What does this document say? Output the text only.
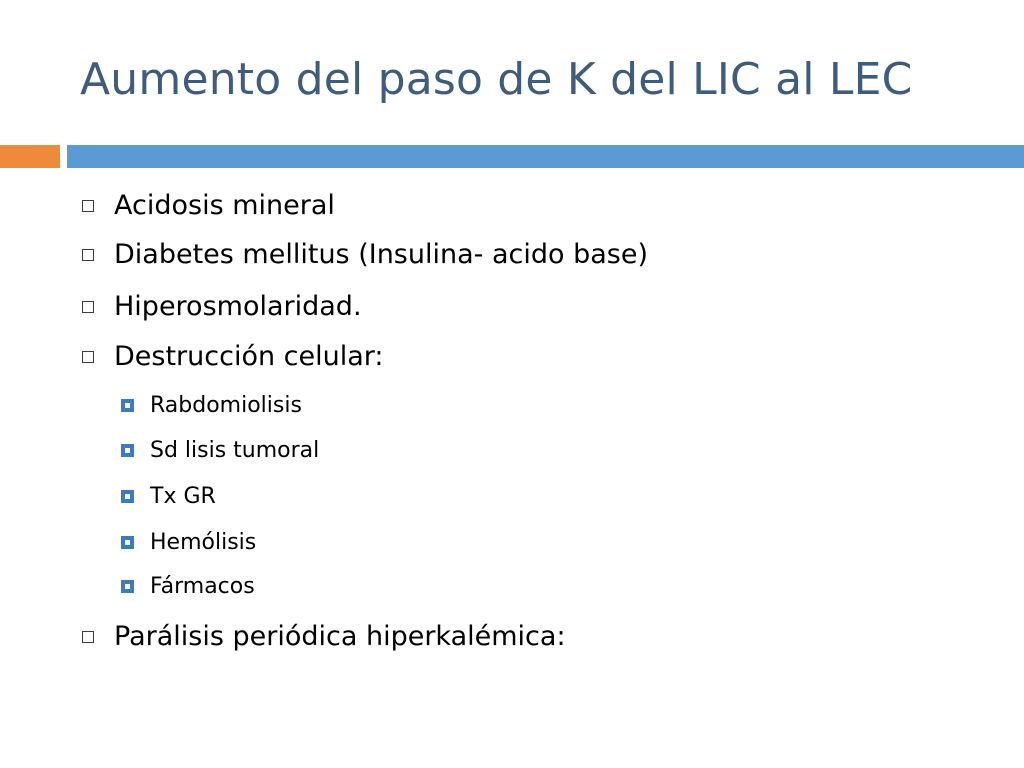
Aumento del paso de K del LIC al LEC
Acidosis mineral
Diabetes mellitus (Insulina- acido base)
Hiperosmolaridad.
Destrucción celular:
Rabdomiolisis
Sd lisis tumoral
Tx GR
Hemólisis
Fármacos
Parálisis periódica hiperkalémica:
